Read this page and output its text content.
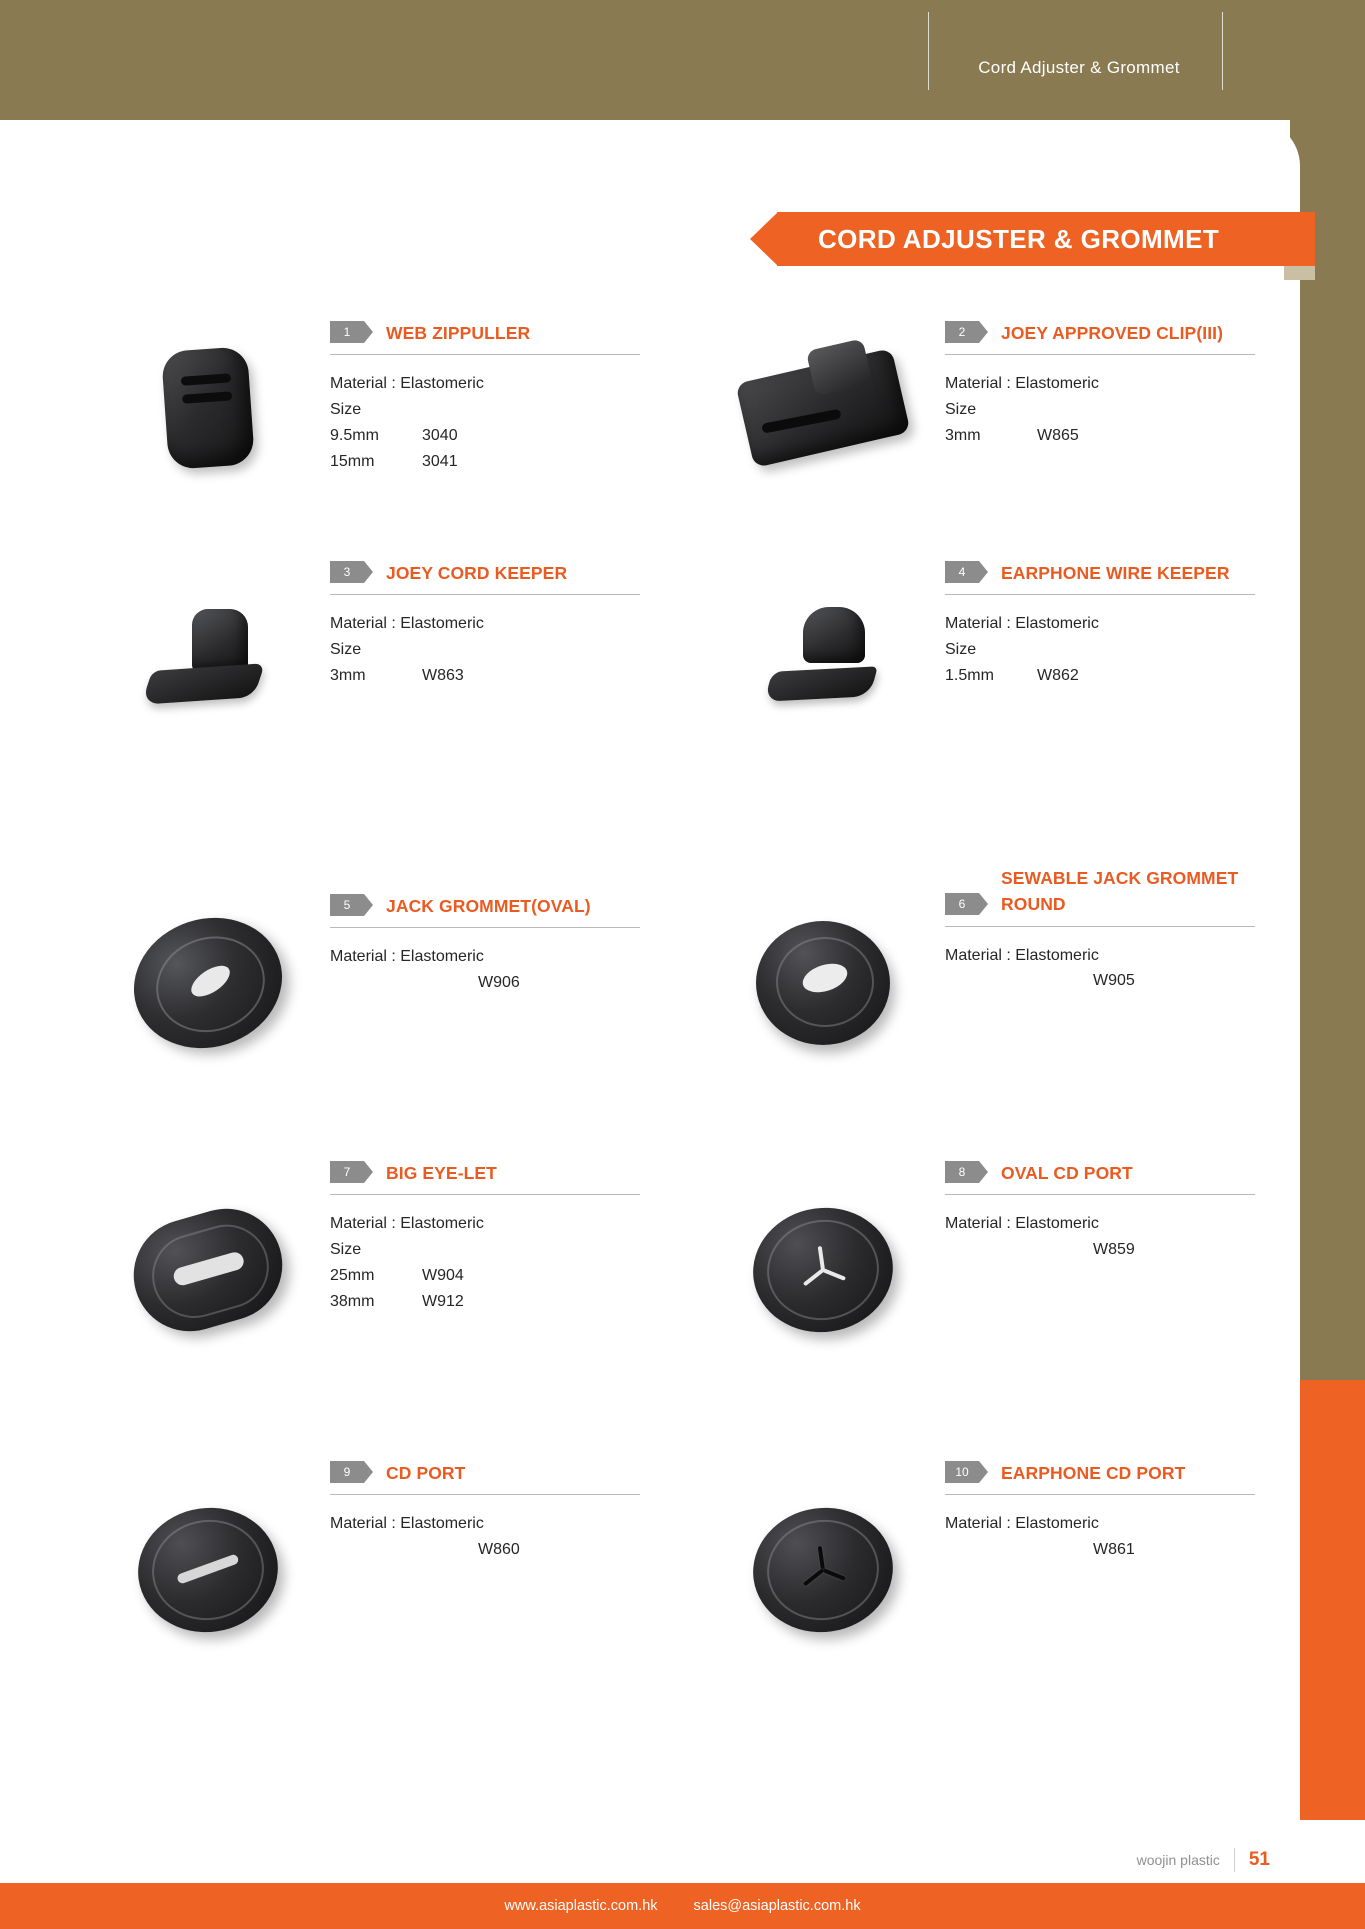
Cord Adjuster & Grommet
CORD ADJUSTER & GROMMET
1	WEB ZIPPULLER
Material : Elastomeric
Size
9.5mm	3040
15mm	3041
2	JOEY APPROVED CLIP(III)
Material : Elastomeric
Size
3mm	W865
3	JOEY CORD KEEPER
Material : Elastomeric
Size
3mm	W863
4	EARPHONE WIRE KEEPER
Material : Elastomeric
Size
1.5mm	W862
5	JACK GROMMET(OVAL)
Material : Elastomeric
W906
6
SEWABLE JACK GROMMET ROUND
Material : Elastomeric
W905
7	BIG EYE-LET
Material : Elastomeric
Size
25mm	W904
38mm	W912
8	OVAL CD PORT
Material : Elastomeric
W859
9	CD PORT
Material : Elastomeric
W860
10	EARPHONE CD PORT
Material : Elastomeric
W861
woojin plastic 51
www.asiaplastic.com.hk sales@asiaplastic.com.hk
